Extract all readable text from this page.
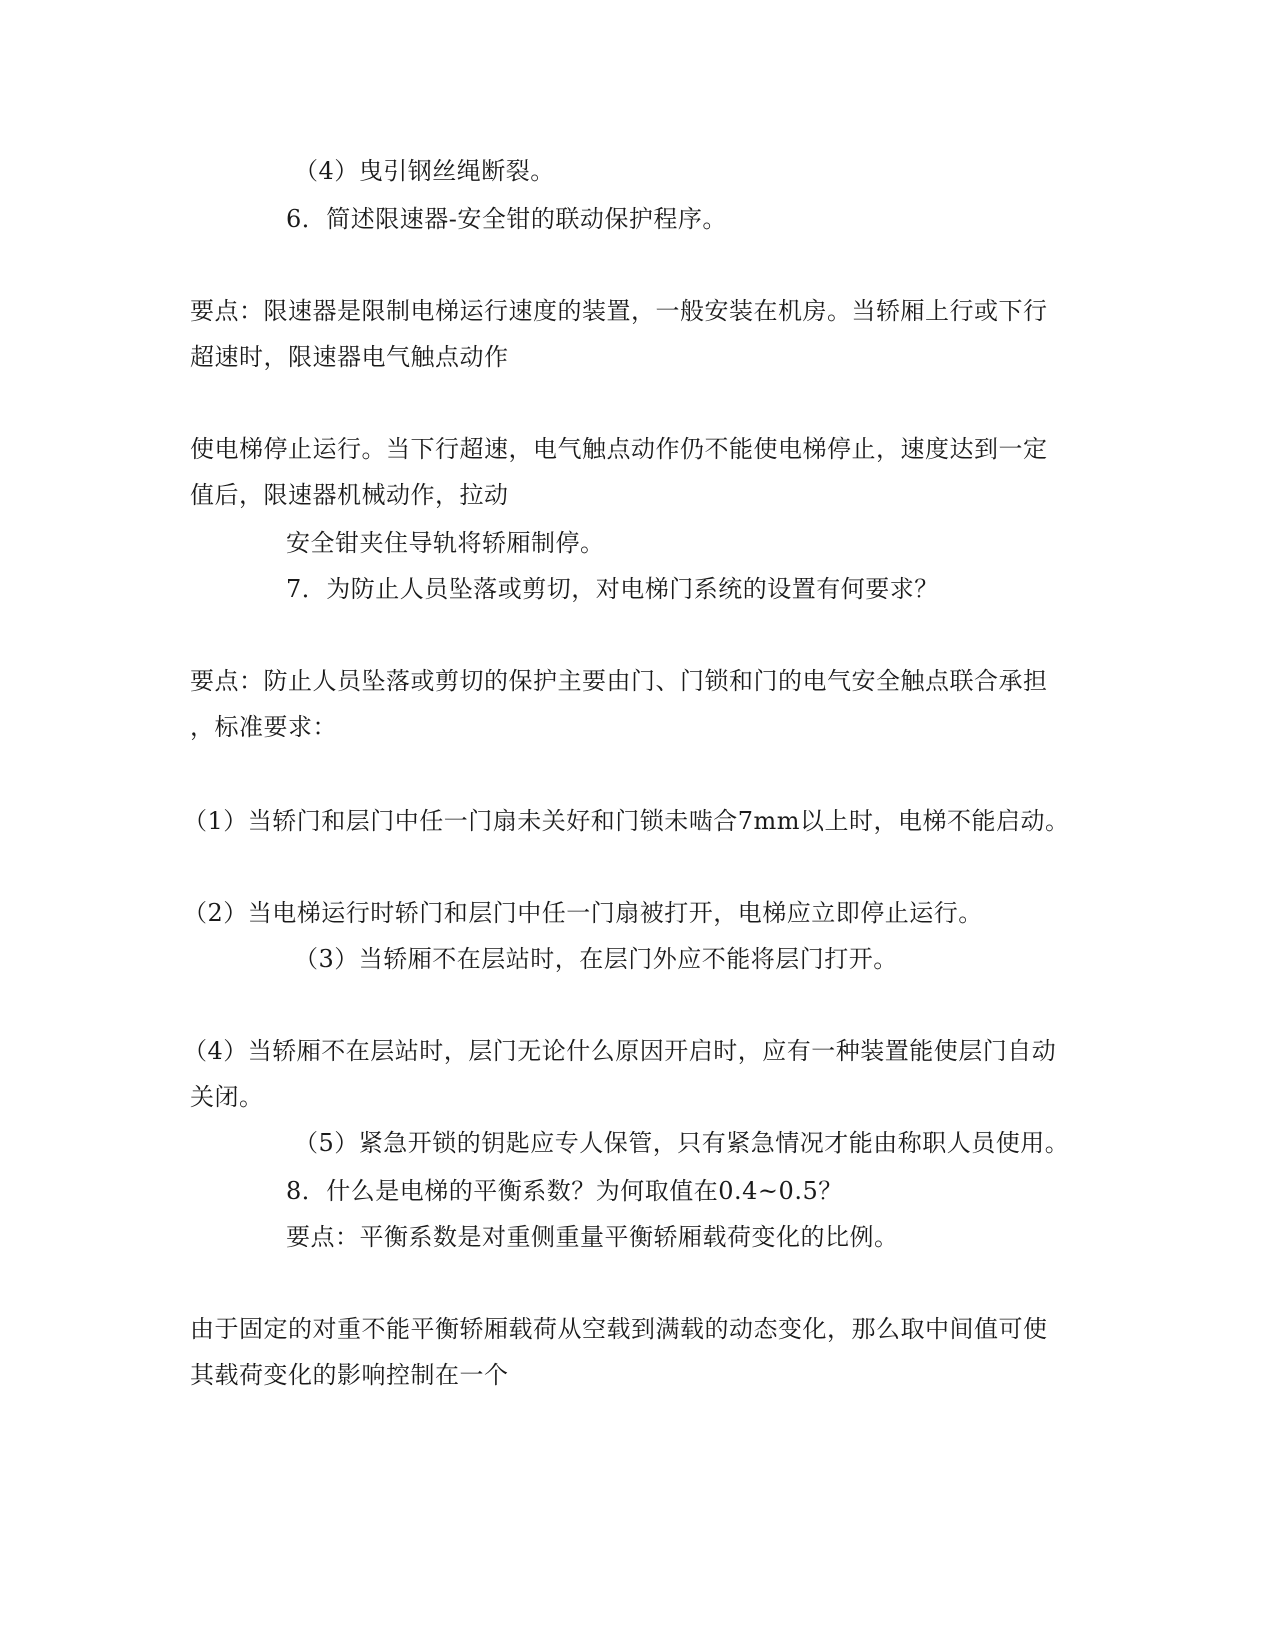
（4）曳引钢丝绳断裂。
6．简述限速器-安全钳的联动保护程序。
要点：限速器是限制电梯运行速度的装置，一般安装在机房。当轿厢上行或下行
超速时，限速器电气触点动作
使电梯停止运行。当下行超速，电气触点动作仍不能使电梯停止，速度达到一定
值后，限速器机械动作，拉动
安全钳夹住导轨将轿厢制停。
7．为防止人员坠落或剪切，对电梯门系统的设置有何要求？
要点：防止人员坠落或剪切的保护主要由门、门锁和门的电气安全触点联合承担
，标准要求：
（1）当轿门和层门中任一门扇未关好和门锁未啮合7mm以上时，电梯不能启动。
（2）当电梯运行时轿门和层门中任一门扇被打开，电梯应立即停止运行。
（3）当轿厢不在层站时，在层门外应不能将层门打开。
（4）当轿厢不在层站时，层门无论什么原因开启时，应有一种装置能使层门自动
关闭。
（5）紧急开锁的钥匙应专人保管，只有紧急情况才能由称职人员使用。
8．什么是电梯的平衡系数？为何取值在0.4~0.5？
要点：平衡系数是对重侧重量平衡轿厢载荷变化的比例。
由于固定的对重不能平衡轿厢载荷从空载到满载的动态变化，那么取中间值可使
其载荷变化的影响控制在一个
